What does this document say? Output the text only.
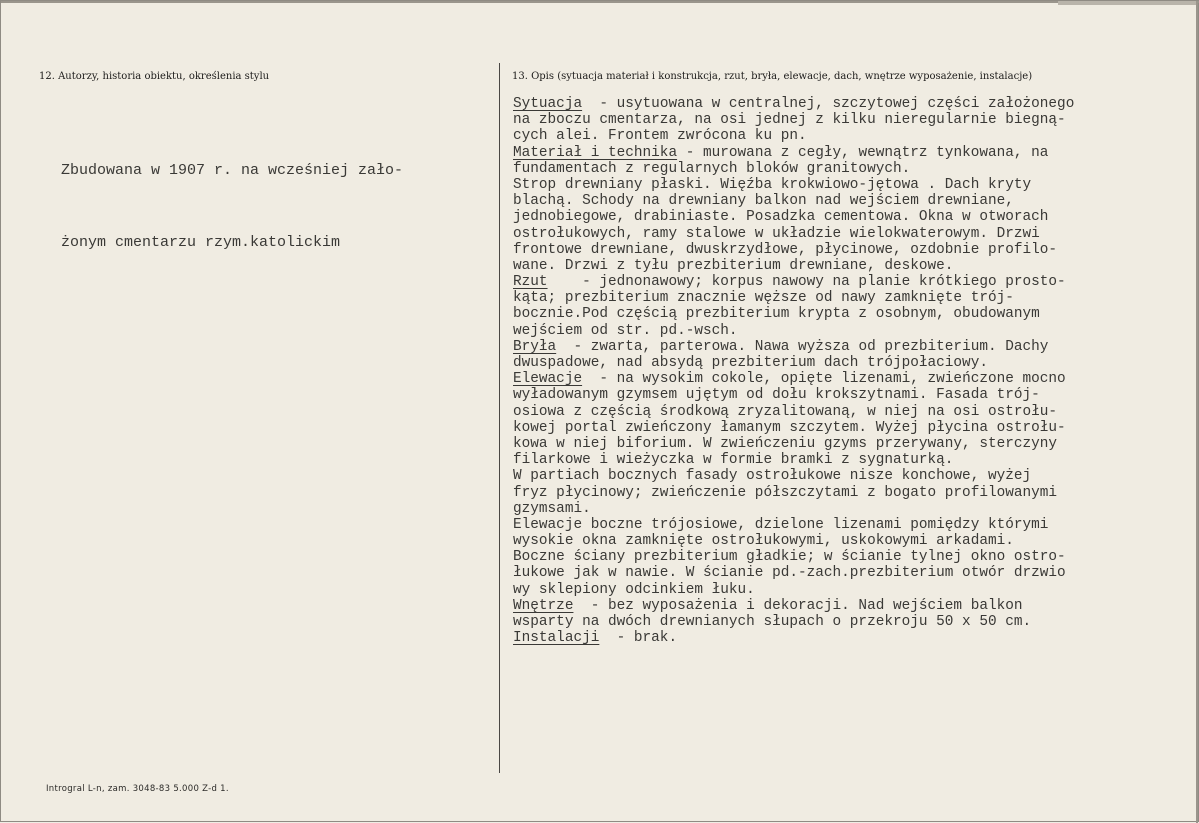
12. Autorzy, historia obiektu, określenia stylu

Zbudowana w 1907 r. na wcześniej zało-

żonym cmentarzu rzym.katolickim

13. Opis (sytuacja materiał i konstrukcja, rzut, bryła, elewacje, dach, wnętrze wyposażenie, instalacje)
Sytuacja  - usytuowana w centralnej, szczytowej części założonego
na zboczu cmentarza, na osi jednej z kilku nieregularnie biegną-
cych alei. Frontem zwrócona ku pn.
Materiał i technika - murowana z cegły, wewnątrz tynkowana, na
fundamentach z regularnych bloków granitowych.
Strop drewniany płaski. Więźba krokwiowo-jętowa . Dach kryty
blachą. Schody na drewniany balkon nad wejściem drewniane,
jednobiegowe, drabiniaste. Posadzka cementowa. Okna w otworach
ostrołukowych, ramy stalowe w układzie wielokwaterowym. Drzwi
frontowe drewniane, dwuskrzydłowe, płycinowe, ozdobnie profilo-
wane. Drzwi z tyłu prezbiterium drewniane, deskowe.
Rzut    - jednonawowy; korpus nawowy na planie krótkiego prosto-
kąta; prezbiterium znacznie węższe od nawy zamknięte trój-
bocznie.Pod częścią prezbiterium krypta z osobnym, obudowanym
wejściem od str. pd.-wsch.
Bryła  - zwarta, parterowa. Nawa wyższa od prezbiterium. Dachy
dwuspadowe, nad absydą prezbiterium dach trójpołaciowy.
Elewacje  - na wysokim cokole, opięte lizenami, zwieńczone mocno
wyładowanym gzymsem ujętym od dołu krokszytnami. Fasada trój-
osiowa z częścią środkową zryzalitowaną, w niej na osi ostrołu-
kowej portal zwieńczony łamanym szczytem. Wyżej płycina ostrołu-
kowa w niej biforium. W zwieńczeniu gzyms przerywany, sterczyny
filarkowe i wieżyczka w formie bramki z sygnaturką.
W partiach bocznych fasady ostrołukowe nisze konchowe, wyżej
fryz płycinowy; zwieńczenie półszczytami z bogato profilowanymi
gzymsami.
Elewacje boczne trójosiowe, dzielone lizenami pomiędzy którymi
wysokie okna zamknięte ostrołukowymi, uskokowymi arkadami.
Boczne ściany prezbiterium gładkie; w ścianie tylnej okno ostro-
łukowe jak w nawie. W ścianie pd.-zach.prezbiterium otwór drzwio
wy sklepiony odcinkiem łuku.
Wnętrze  - bez wyposażenia i dekoracji. Nad wejściem balkon
wsparty na dwóch drewnianych słupach o przekroju 50 x 50 cm.
Instalacji  - brak.
Introgral L-n, zam. 3048-83 5.000 Z-d 1.
